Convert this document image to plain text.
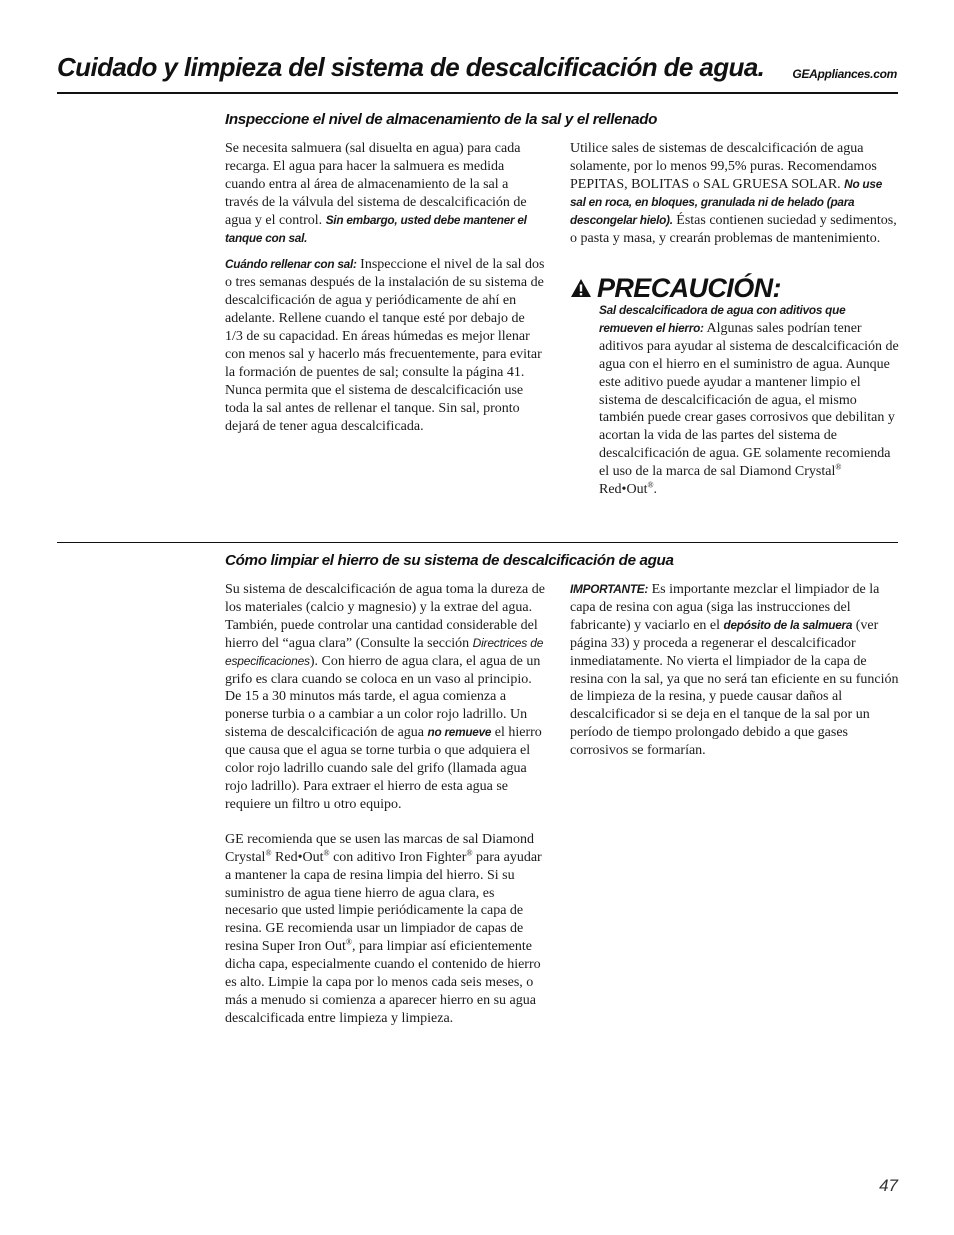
Cuidado y limpieza del sistema de descalcificación de agua. GEAppliances.com
Inspeccione el nivel de almacenamiento de la sal y el rellenado

Se necesita salmuera (sal disuelta en agua) para cada recarga. El agua para hacer la salmuera es medida cuando entra al área de almacenamiento de la sal a través de la válvula del sistema de descalcificación de agua y el control. Sin embargo, usted debe mantener el tanque con sal.

Cuándo rellenar con sal: Inspeccione el nivel de la sal dos o tres semanas después de la instalación de su sistema de descalcificación de agua y periódicamente de ahí en adelante. Rellene cuando el tanque esté por debajo de 1/3 de su capacidad. En áreas húmedas es mejor llenar con menos sal y hacerlo más frecuentemente, para evitar la formación de puentes de sal; consulte la página 41. Nunca permita que el sistema de descalcificación use toda la sal antes de rellenar el tanque. Sin sal, pronto dejará de tener agua descalcificada.

Utilice sales de sistemas de descalcificación de agua solamente, por lo menos 99,5% puras. Recomendamos PEPITAS, BOLITAS o SAL GRUESA SOLAR. No use sal en roca, en bloques, granulada ni de helado (para descongelar hielo). Éstas contienen suciedad y sedimentos, o pasta y masa, y crearán problemas de mantenimiento.

PRECAUCIÓN:

Sal descalcificadora de agua con aditivos que remueven el hierro: Algunas sales podrían tener aditivos para ayudar al sistema de descalcificación de agua con el hierro en el suministro de agua. Aunque este aditivo puede ayudar a mantener limpio el sistema de descalcificación de agua, el mismo también puede crear gases corrosivos que debilitan y acortan la vida de las partes del sistema de descalcificación de agua. GE solamente recomienda el uso de la marca de sal Diamond Crystal® Red•Out®.

Cómo limpiar el hierro de su sistema de descalcificación de agua

Su sistema de descalcificación de agua toma la dureza de los materiales (calcio y magnesio) y la extrae del agua. También, puede controlar una cantidad considerable del hierro del “agua clara” (Consulte la sección Directrices de especificaciones). Con hierro de agua clara, el agua de un grifo es clara cuando se coloca en un vaso al principio. De 15 a 30 minutos más tarde, el agua comienza a ponerse turbia o a cambiar a un color rojo ladrillo. Un sistema de descalcificación de agua no remueve el hierro que causa que el agua se torne turbia o que adquiera el color rojo ladrillo cuando sale del grifo (llamada agua rojo ladrillo). Para extraer el hierro de esta agua se requiere un filtro u otro equipo.

GE recomienda que se usen las marcas de sal Diamond Crystal® Red•Out® con aditivo Iron Fighter® para ayudar a mantener la capa de resina limpia del hierro. Si su suministro de agua tiene hierro de agua clara, es necesario que usted limpie periódicamente la capa de resina. GE recomienda usar un limpiador de capas de resina Super Iron Out®, para limpiar así eficientemente dicha capa, especialmente cuando el contenido de hierro es alto. Limpie la capa por lo menos cada seis meses, o más a menudo si comienza a aparecer hierro en su agua descalcificada entre limpieza y limpieza.

IMPORTANTE: Es importante mezclar el limpiador de la capa de resina con agua (siga las instrucciones del fabricante) y vaciarlo en el depósito de la salmuera (ver página 33) y proceda a regenerar el descalcificador inmediatamente. No vierta el limpiador de la capa de resina con la sal, ya que no será tan eficiente en su función de limpieza de la resina, y puede causar daños al descalcificador si se deja en el tanque de la sal por un período de tiempo prolongado debido a que gases corrosivos se formarían.

47
